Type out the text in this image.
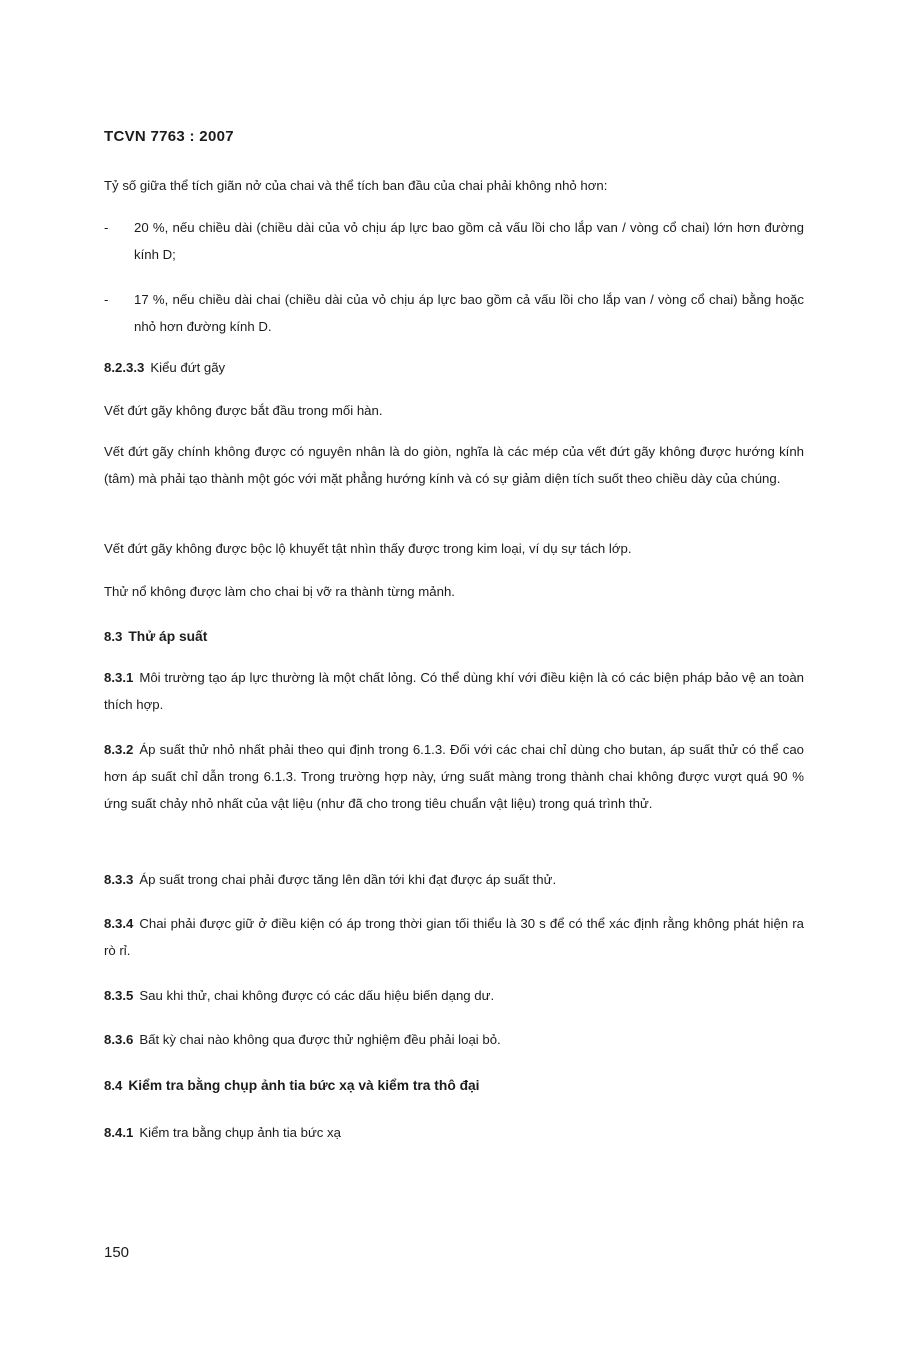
TCVN 7763 : 2007
Tỷ số giữa thể tích giãn nở của chai và thể tích ban đầu của chai phải không nhỏ hơn:
- 20 %, nếu chiều dài (chiều dài của vỏ chịu áp lực bao gồm cả vấu lồi cho lắp van / vòng cổ chai) lớn hơn đường kính D;
- 17 %, nếu chiều dài chai (chiều dài của vỏ chịu áp lực bao gồm cả vấu lồi cho lắp van / vòng cổ chai) bằng hoặc nhỏ hơn đường kính D.
8.2.3.3 Kiểu đứt gãy
Vết đứt gãy không được bắt đầu trong mối hàn.
Vết đứt gãy chính không được có nguyên nhân là do giòn, nghĩa là các mép của vết đứt gãy không được hướng kính (tâm) mà phải tạo thành một góc với mặt phẳng hướng kính và có sự giảm diện tích suốt theo chiều dày của chúng.
Vết đứt gãy không được bộc lộ khuyết tật nhìn thấy được trong kim loại, ví dụ sự tách lớp.
Thử nổ không được làm cho chai bị vỡ ra thành từng mảnh.
8.3 Thử áp suất
8.3.1 Môi trường tạo áp lực thường là một chất lỏng. Có thể dùng khí với điều kiện là có các biện pháp bảo vệ an toàn thích hợp.
8.3.2 Áp suất thử nhỏ nhất phải theo qui định trong 6.1.3. Đối với các chai chỉ dùng cho butan, áp suất thử có thể cao hơn áp suất chỉ dẫn trong 6.1.3. Trong trường hợp này, ứng suất màng trong thành chai không được vượt quá 90 % ứng suất chảy nhỏ nhất của vật liệu (như đã cho trong tiêu chuẩn vật liệu) trong quá trình thử.
8.3.3 Áp suất trong chai phải được tăng lên dần tới khi đạt được áp suất thử.
8.3.4 Chai phải được giữ ở điều kiện có áp trong thời gian tối thiểu là 30 s để có thể xác định rằng không phát hiện ra rò rỉ.
8.3.5 Sau khi thử, chai không được có các dấu hiệu biến dạng dư.
8.3.6 Bất kỳ chai nào không qua được thử nghiệm đều phải loại bỏ.
8.4 Kiểm tra bằng chụp ảnh tia bức xạ và kiểm tra thô đại
8.4.1 Kiểm tra bằng chụp ảnh tia bức xạ
150
